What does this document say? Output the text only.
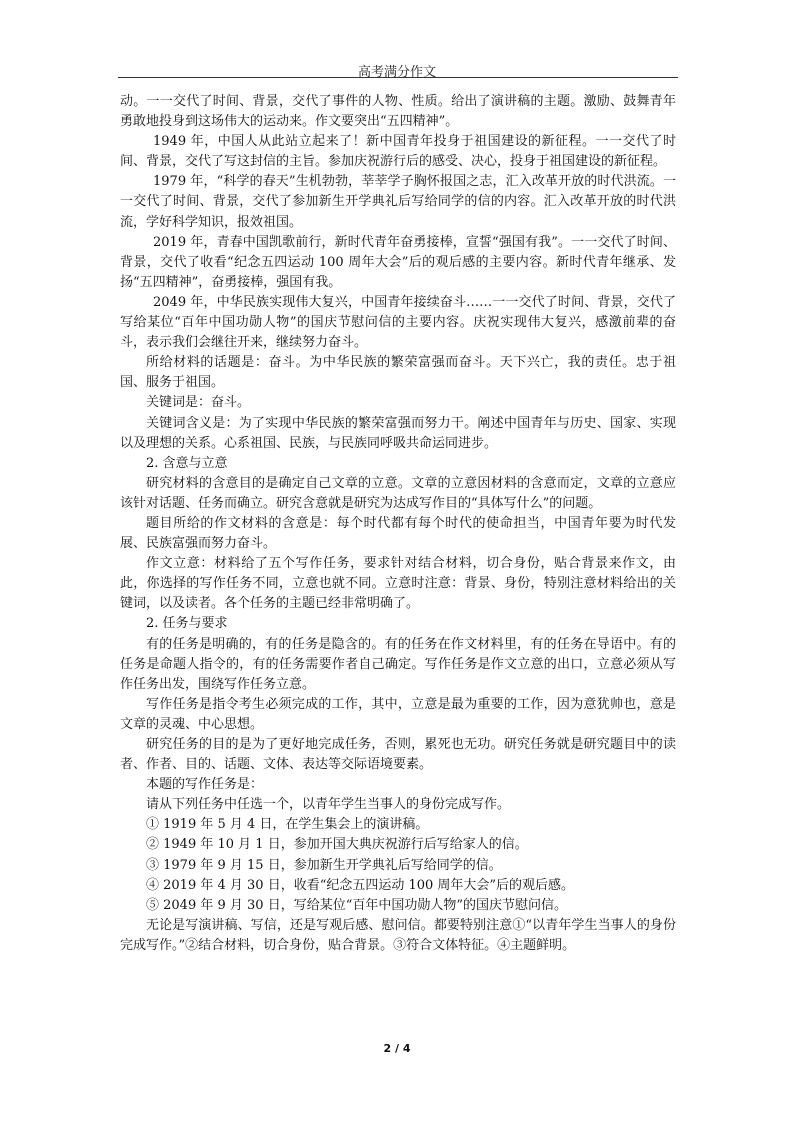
高考满分作文

动。一一交代了时间、背景，交代了事件的人物、性质。给出了演讲稿的主题。激励、鼓舞青年勇敢地投身到这场伟大的运动来。作文要突出“五四精神”。

1949 年，中国人从此站立起来了！新中国青年投身于祖国建设的新征程。一一交代了时间、背景，交代了写这封信的主旨。参加庆祝游行后的感受、决心，投身于祖国建设的新征程。

1979 年，“科学的春天”生机勃勃，莘莘学子胸怀报国之志，汇入改革开放的时代洪流。一一交代了时间、背景，交代了参加新生开学典礼后写给同学的信的内容。汇入改革开放的时代洪流，学好科学知识，报效祖国。

2019 年，青春中国凯歌前行，新时代青年奋勇接棒，宣誓“强国有我”。一一交代了时间、背景，交代了收看“纪念五四运动 100 周年大会”后的观后感的主要内容。新时代青年继承、发扬“五四精神”，奋勇接棒，强国有我。

2049 年，中华民族实现伟大复兴，中国青年接续奋斗……一一交代了时间、背景，交代了写给某位“百年中国功勋人物”的国庆节慰问信的主要内容。庆祝实现伟大复兴，感激前辈的奋斗，表示我们会继往开来，继续努力奋斗。

所给材料的话题是：奋斗。为中华民族的繁荣富强而奋斗。天下兴亡，我的责任。忠于祖国、服务于祖国。

关键词是：奋斗。

关键词含义是：为了实现中华民族的繁荣富强而努力干。阐述中国青年与历史、国家、实现以及理想的关系。心系祖国、民族，与民族同呼吸共命运同进步。

2. 含意与立意

研究材料的含意目的是确定自己文章的立意。文章的立意因材料的含意而定，文章的立意应该针对话题、任务而确立。研究含意就是研究为达成写作目的“具体写什么”的问题。

题目所给的作文材料的含意是：每个时代都有每个时代的使命担当，中国青年要为时代发展、民族富强而努力奋斗。

作文立意：材料给了五个写作任务，要求针对结合材料，切合身份，贴合背景来作文，由此，你选择的写作任务不同，立意也就不同。立意时注意：背景、身份，特别注意材料给出的关键词，以及读者。各个任务的主题已经非常明确了。

2. 任务与要求

有的任务是明确的，有的任务是隐含的。有的任务在作文材料里，有的任务在导语中。有的任务是命题人指令的，有的任务需要作者自己确定。写作任务是作文立意的出口，立意必须从写作任务出发，围绕写作任务立意。

写作任务是指令考生必须完成的工作，其中，立意是最为重要的工作，因为意犹帅也，意是文章的灵魂、中心思想。

研究任务的目的是为了更好地完成任务，否则，累死也无功。研究任务就是研究题目中的读者、作者、目的、话题、文体、表达等交际语境要素。

本题的写作任务是：

请从下列任务中任选一个，以青年学生当事人的身份完成写作。

① 1919 年 5 月 4 日，在学生集会上的演讲稿。

② 1949 年 10 月 1 日，参加开国大典庆祝游行后写给家人的信。

③ 1979 年 9 月 15 日，参加新生开学典礼后写给同学的信。

④ 2019 年 4 月 30 日，收看“纪念五四运动 100 周年大会”后的观后感。

⑤ 2049 年 9 月 30 日，写给某位“百年中国功勋人物”的国庆节慰问信。

无论是写演讲稿、写信，还是写观后感、慰问信。都要特别注意①“以青年学生当事人的身份完成写作。”②结合材料，切合身份，贴合背景。③符合文体特征。④主题鲜明。

2 / 4
